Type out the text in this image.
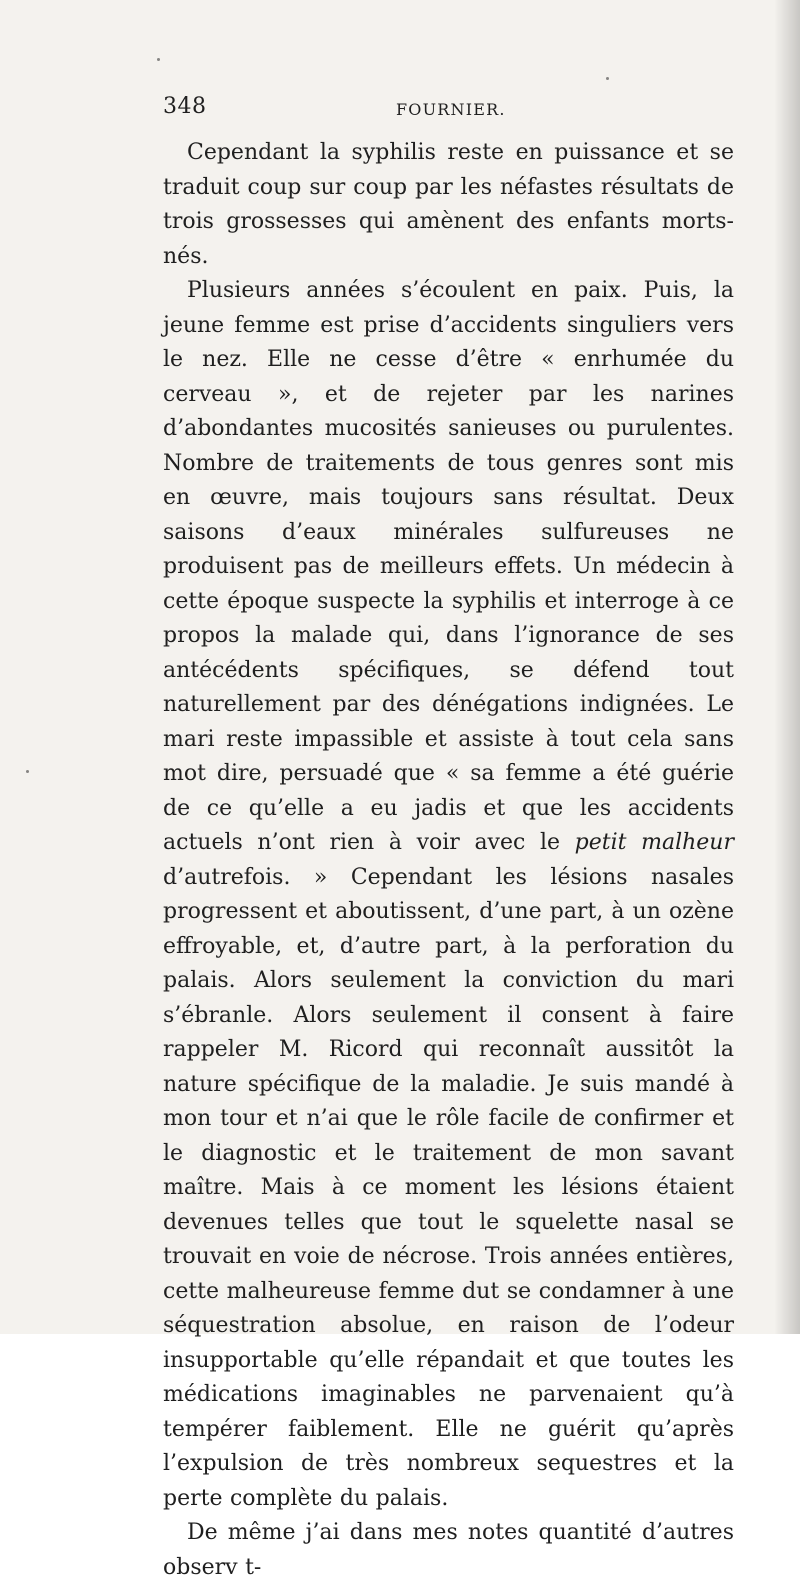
348	FOURNIER.

Cependant la syphilis reste en puissance et se traduit coup sur coup par les néfastes résultats de trois grossesses qui amènent des enfants morts-nés.

Plusieurs années s’écoulent en paix. Puis, la jeune femme est prise d’accidents singuliers vers le nez. Elle ne cesse d’être « enrhumée du cerveau », et de rejeter par les narines d’abondantes mucosités sanieuses ou purulentes. Nombre de traitements de tous genres sont mis en œuvre, mais toujours sans résultat. Deux saisons d’eaux minérales sulfureuses ne produisent pas de meilleurs effets. Un médecin à cette époque suspecte la syphilis et interroge à ce propos la malade qui, dans l’ignorance de ses antécédents spécifiques, se défend tout naturellement par des dénégations indignées. Le mari reste impassible et assiste à tout cela sans mot dire, persuadé que « sa femme a été guérie de ce qu’elle a eu jadis et que les accidents actuels n’ont rien à voir avec le petit malheur d’autrefois. » Cependant les lésions nasales progressent et aboutissent, d’une part, à un ozène effroyable, et, d’autre part, à la perforation du palais. Alors seulement la conviction du mari s’ébranle. Alors seulement il consent à faire rappeler M. Ricord qui reconnaît aussitôt la nature spécifique de la maladie. Je suis mandé à mon tour et n’ai que le rôle facile de confirmer et le diagnostic et le traitement de mon savant maître. Mais à ce moment les lésions étaient devenues telles que tout le squelette nasal se trouvait en voie de nécrose. Trois années entières, cette malheureuse femme dut se condamner à une séquestration absolue, en raison de l’odeur insupportable qu’elle répandait et que toutes les médications imaginables ne parvenaient qu’à tempérer faiblement. Elle ne guérit qu’après l’expulsion de très nombreux sequestres et la perte complète du palais.

De même j’ai dans mes notes quantité d’autres observ t-
